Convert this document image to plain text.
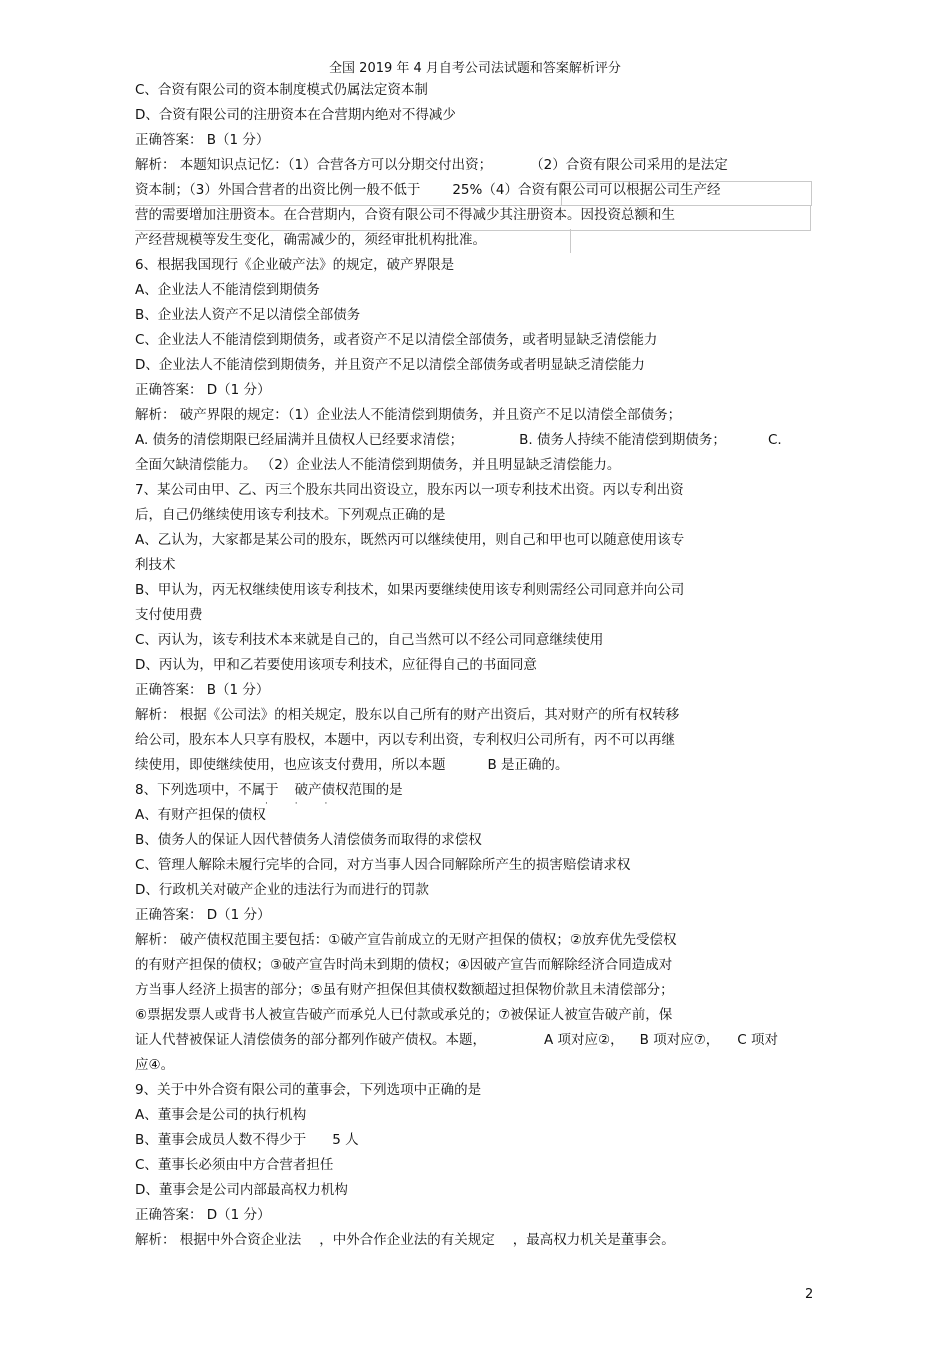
全国 2019 年 4 月自考公司法试题和答案解析评分
C、合资有限公司的资本制度模式仍属法定资本制
D、合资有限公司的注册资本在合营期内绝对不得减少
正确答案： B（1 分）
解析： 本题知识点记忆：（1）合营各方可以分期交付出资；	（2）合资有限公司采用的是法定
资本制；（3）外国合营者的出资比例一般不低于 25%（4）合资有限公司可以根据公司生产经
营的需要增加注册资本。在合营期内，合资有限公司不得减少其注册资本。因投资总额和生
产经营规模等发生变化，确需减少的，须经审批机构批准。
6、根据我国现行《企业破产法》的规定，破产界限是
A、企业法人不能清偿到期债务
B、企业法人资产不足以清偿全部债务
C、企业法人不能清偿到期债务，或者资产不足以清偿全部债务，或者明显缺乏清偿能力
D、企业法人不能清偿到期债务，并且资产不足以清偿全部债务或者明显缺乏清偿能力
正确答案： D（1 分）
解析： 破产界限的规定：（1）企业法人不能清偿到期债务，并且资产不足以清偿全部债务；
A. 债务的清偿期限已经届满并且债权人已经要求清偿；	B. 债务人持续不能清偿到期债务；	C.
全面欠缺清偿能力。 （2）企业法人不能清偿到期债务，并且明显缺乏清偿能力。
7、某公司由甲、乙、丙三个股东共同出资设立，股东丙以一项专利技术出资。丙以专利出资
后，自己仍继续使用该专利技术。下列观点正确的是
A、乙认为，大家都是某公司的股东，既然丙可以继续使用，则自己和甲也可以随意使用该专
利技术
B、甲认为，丙无权继续使用该专利技术，如果丙要继续使用该专利则需经公司同意并向公司
支付使用费
C、丙认为，该专利技术本来就是自己的，自己当然可以不经公司同意继续使用
D、丙认为，甲和乙若要使用该项专利技术，应征得自己的书面同意
正确答案： B（1 分）
解析： 根据《公司法》的相关规定，股东以自己所有的财产出资后，其对财产的所有权转移
给公司，股东本人只享有股权，本题中，丙以专利出资，专利权归公司所有，丙不可以再继
续使用，即使继续使用，也应该支付费用，所以本题	B 是正确的。
8、下列选项中，不属于 破产债权范围的是
A、有财产担保的债权
B、债务人的保证人因代替债务人清偿债务而取得的求偿权
C、管理人解除未履行完毕的合同，对方当事人因合同解除所产生的损害赔偿请求权
D、行政机关对破产企业的违法行为而进行的罚款
正确答案： D（1 分）
解析： 破产债权范围主要包括：①破产宣告前成立的无财产担保的债权；②放弃优先受偿权
的有财产担保的债权；③破产宣告时尚未到期的债权；④因破产宣告而解除经济合同造成对
方当事人经济上损害的部分；⑤虽有财产担保但其债权数额超过担保物价款且未清偿部分；
⑥票据发票人或背书人被宣告破产而承兑人已付款或承兑的；⑦被保证人被宣告破产前，保
证人代替被保证人清偿债务的部分都列作破产债权。本题，	A 项对应②， B 项对应⑦， C 项对
应④。
9、关于中外合资有限公司的董事会，下列选项中正确的是
A、董事会是公司的执行机构
B、董事会成员人数不得少于 5 人
C、董事长必须由中方合营者担任
D、董事会是公司内部最高权力机构
正确答案： D（1 分）
解析： 根据中外合资企业法 ，中外合作企业法的有关规定 ，最高权力机关是董事会。
· · ·
2
